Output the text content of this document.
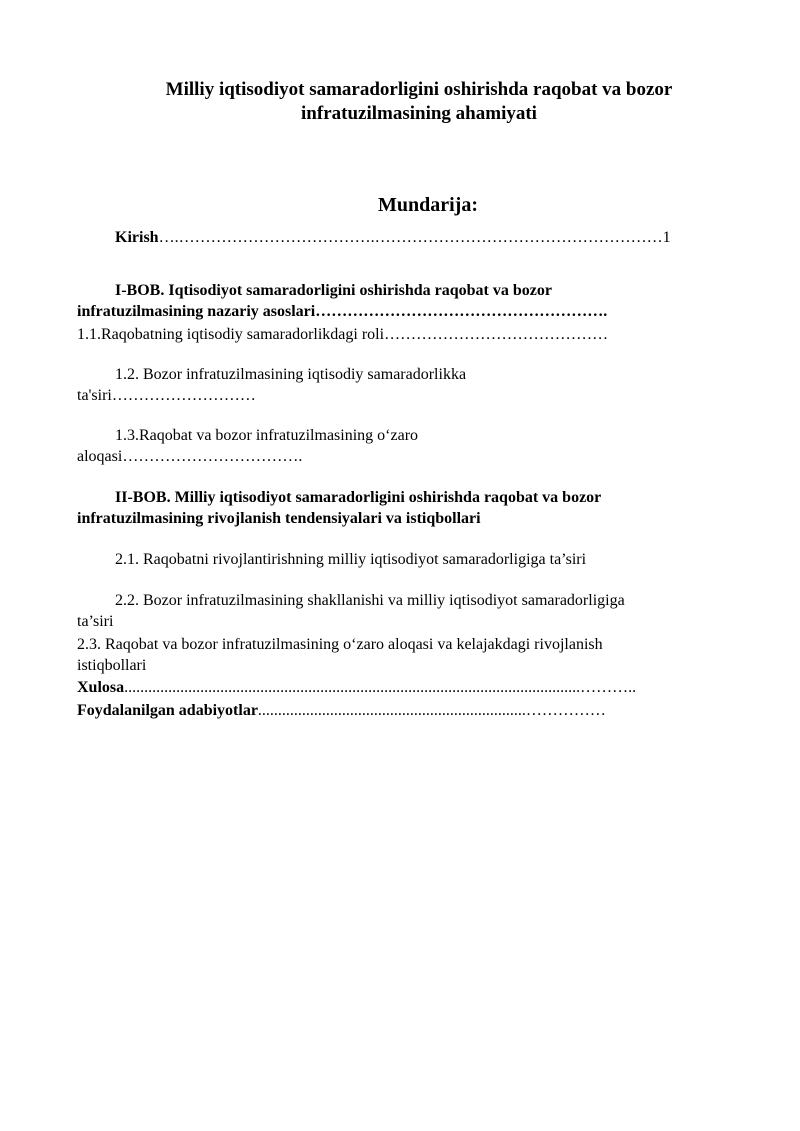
Milliy iqtisodiyot samaradorligini oshirishda raqobat va bozor
infratuzilmasining ahamiyati
Mundarija:
Kirish….……………………………….………………………………………………1
I-BOB. Iqtisodiyot samaradorligini oshirishda raqobat va bozor
infratuzilmasining nazariy asoslari……………………………………………….
1.1.Raqobatning iqtisodiy samaradorlikdagi roli……………………………………
1.2. Bozor infratuzilmasining iqtisodiy samaradorlikka
ta'siri………………………
1.3.Raqobat va bozor infratuzilmasining o‘zaro
aloqasi…………………………….
II-BOB. Milliy iqtisodiyot samaradorligini oshirishda raqobat va bozor
infratuzilmasining rivojlanish tendensiyalari va istiqbollari
2.1. Raqobatni rivojlantirishning milliy iqtisodiyot samaradorligiga ta’siri
2.2. Bozor infratuzilmasining shakllanishi va milliy iqtisodiyot samaradorligiga
ta’siri
2.3. Raqobat va bozor infratuzilmasining o‘zaro aloqasi va kelajakdagi rivojlanish
istiqbollari
Xulosa..................................................................................................................………..
Foydalanilgan adabiyotlar...................................................................……………
